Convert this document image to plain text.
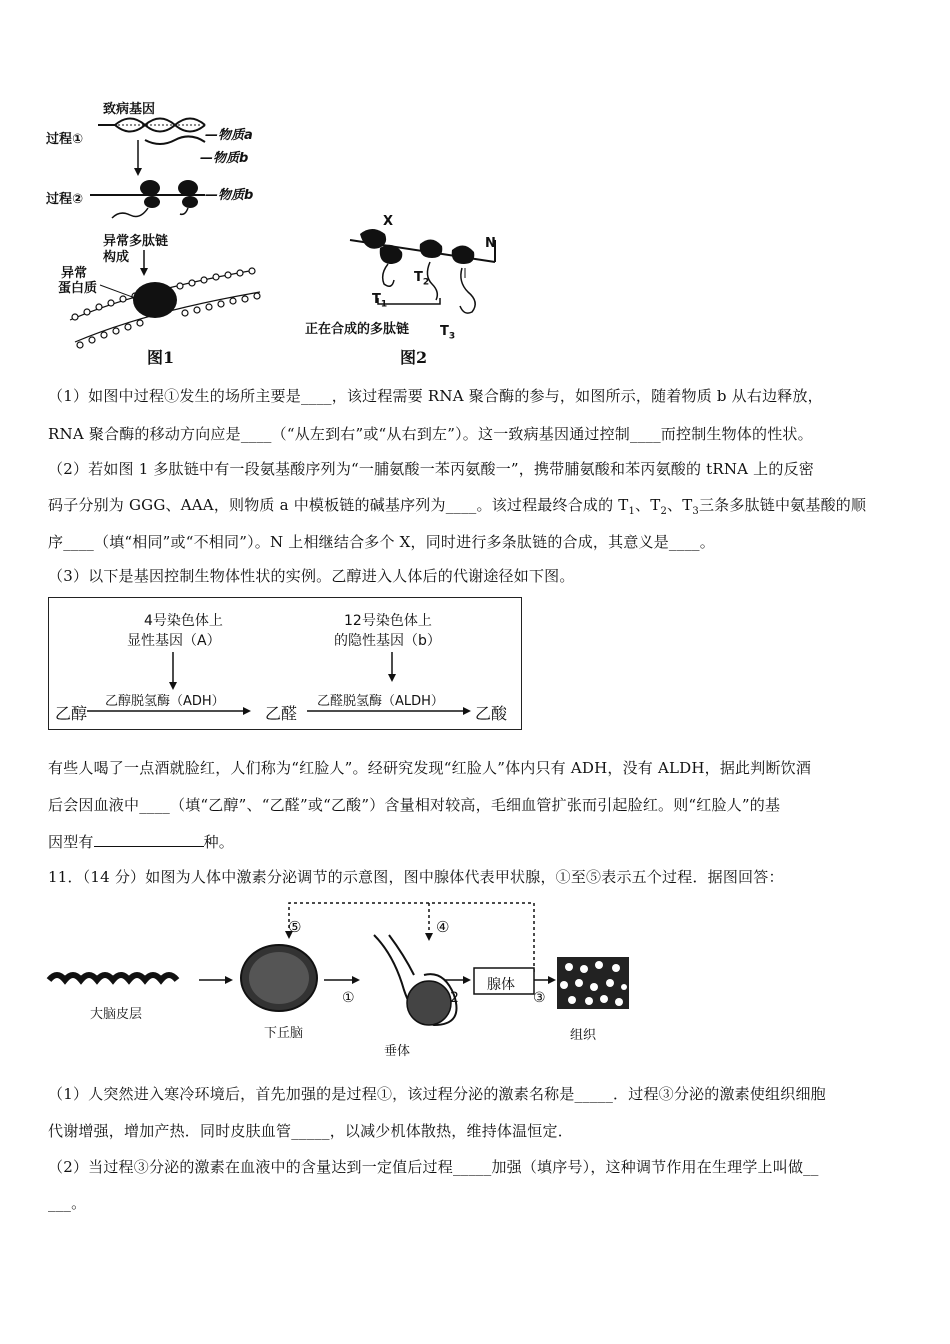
致病基因
过程①	—物质a
—物质b
过程②	—物质b
异常多肽链
构成
异常
蛋白质
图1
X
N
$T_2$
$T_1$
正在合成的多肽链 $T_3$
图2
（1）如图中过程①发生的场所主要是____，该过程需要 RNA 聚合酶的参与，如图所示，随着物质 b 从右边释放，
RNA 聚合酶的移动方向应是____（“从左到右”或“从右到左”）。这一致病基因通过控制____而控制生物体的性状。
（2）若如图 1 多肽链中有一段氨基酸序列为“一脯氨酸一苯丙氨酸一”，携带脯氨酸和苯丙氨酸的 tRNA 上的反密
码子分别为 GGG、AAA，则物质 a 中模板链的碱基序列为____。该过程最终合成的 $T_1$、$T_2$、$T_3$三条多肽链中氨基酸的顺
序____（填“相同”或“不相同”）。N 上相继结合多个 X，同时进行多条肽链的合成，其意义是____。
（3）以下是基因控制生物体性状的实例。乙醇进入人体后的代谢途径如下图。
4号染色体上
显性基因（A）
12号染色体上
的隐性基因（b）
乙醇
乙醇脱氢酶（ADH）
乙醛
乙醛脱氢酶（ALDH）
乙酸
有些人喝了一点酒就脸红，人们称为“红脸人”。经研究发现“红脸人”体内只有 ADH，没有 ALDH，据此判断饮酒
后会因血液中____（填“乙醇”、“乙醛”或“乙酸”）含量相对较高，毛细血管扩张而引起脸红。则“红脸人”的基
因型有	种。
11．（14 分）如图为人体中激素分泌调节的示意图，图中腺体代表甲状腺，①至⑤表示五个过程．据图回答：
⑤	④
大脑皮层
下丘脑
①
垂体
2
腺体
③
组织
（1）人突然进入寒冷环境后，首先加强的是过程①，该过程分泌的激素名称是_____．过程③分泌的激素使组织细胞
代谢增强，增加产热．同时皮肤血管_____，以减少机体散热，维持体温恒定．
（2）当过程③分泌的激素在血液中的含量达到一定值后过程_____加强（填序号），这种调节作用在生理学上叫做__
___。
